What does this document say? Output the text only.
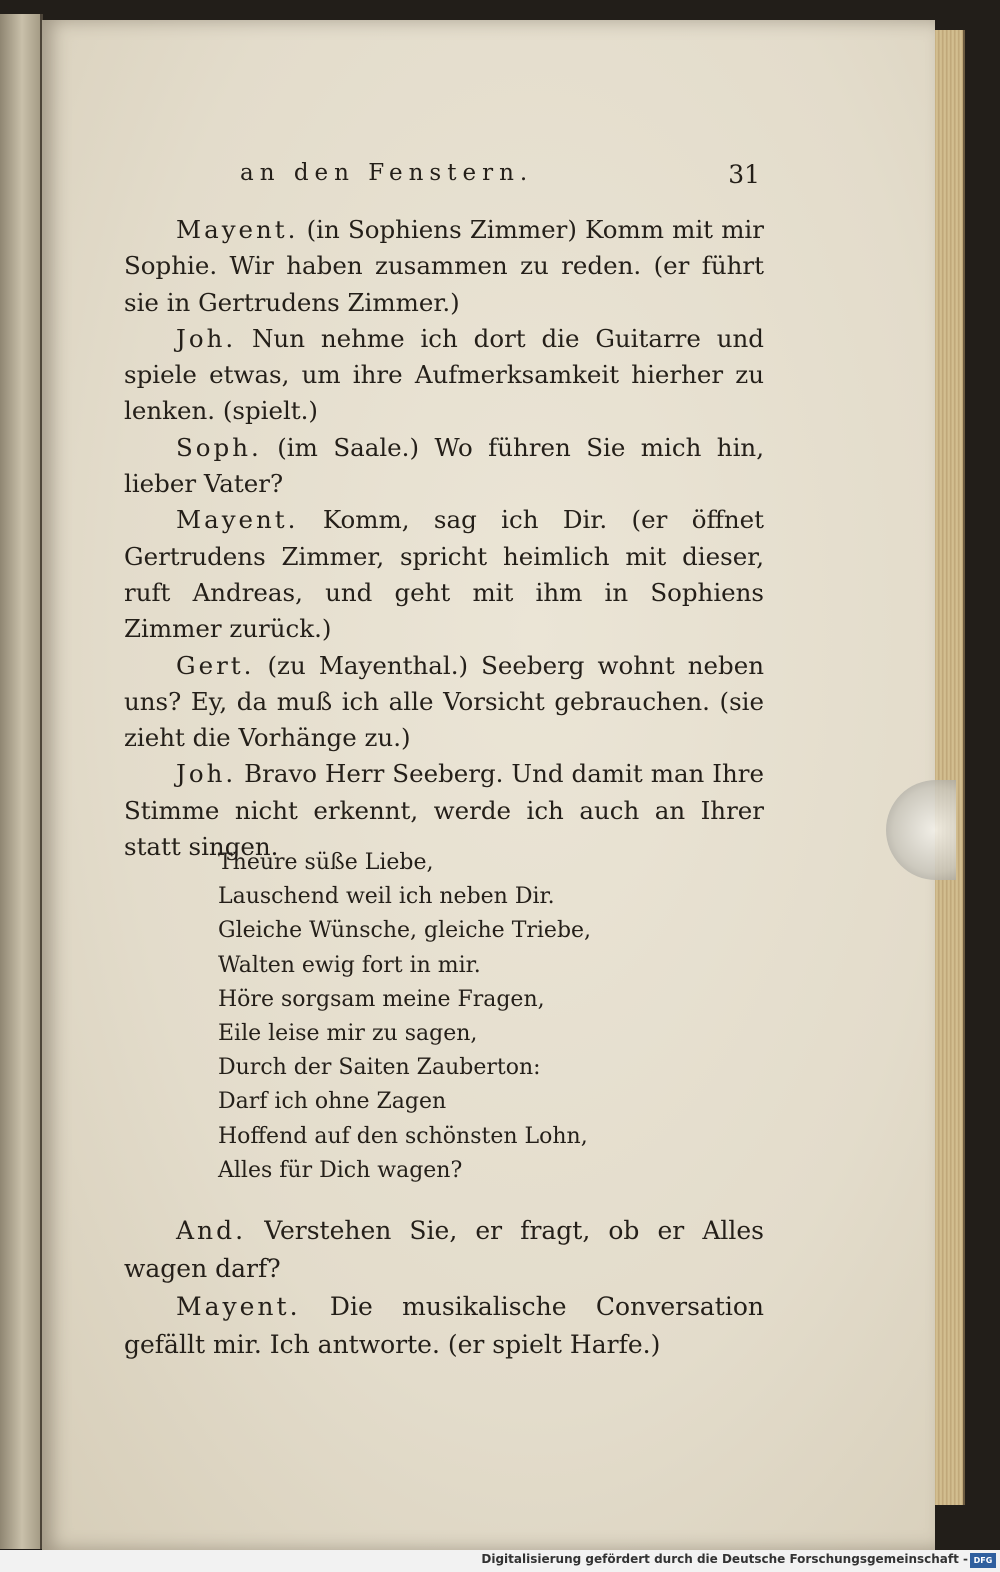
an den Fenstern.	31

Mayent. (in Sophiens Zimmer) Komm mit mir Sophie. Wir haben zusammen zu reden. (er führt sie in Gertrudens Zimmer.)

Joh. Nun nehme ich dort die Guitarre und spiele etwas, um ihre Aufmerksamkeit hierher zu lenken. (spielt.)

Soph. (im Saale.) Wo führen Sie mich hin, lieber Vater?

Mayent. Komm, sag ich Dir. (er öffnet Gertrudens Zimmer, spricht heimlich mit dieser, ruft Andreas, und geht mit ihm in Sophiens Zimmer zurück.)

Gert. (zu Mayenthal.) Seeberg wohnt neben uns? Ey, da muß ich alle Vorsicht gebrauchen. (sie zieht die Vorhänge zu.)

Joh. Bravo Herr Seeberg. Und damit man Ihre Stimme nicht erkennt, werde ich auch an Ihrer statt singen.

Theure süße Liebe,
Lauschend weil ich neben Dir.
Gleiche Wünsche, gleiche Triebe,
Walten ewig fort in mir.
Höre sorgsam meine Fragen,
Eile leise mir zu sagen,
Durch der Saiten Zauberton:
Darf ich ohne Zagen
Hoffend auf den schönsten Lohn,
Alles für Dich wagen?

And. Verstehen Sie, er fragt, ob er Alles wagen darf?

Mayent. Die musikalische Conversation gefällt mir. Ich antworte. (er spielt Harfe.)

Digitalisierung gefördert durch die Deutsche Forschungsgemeinschaft - DFG
